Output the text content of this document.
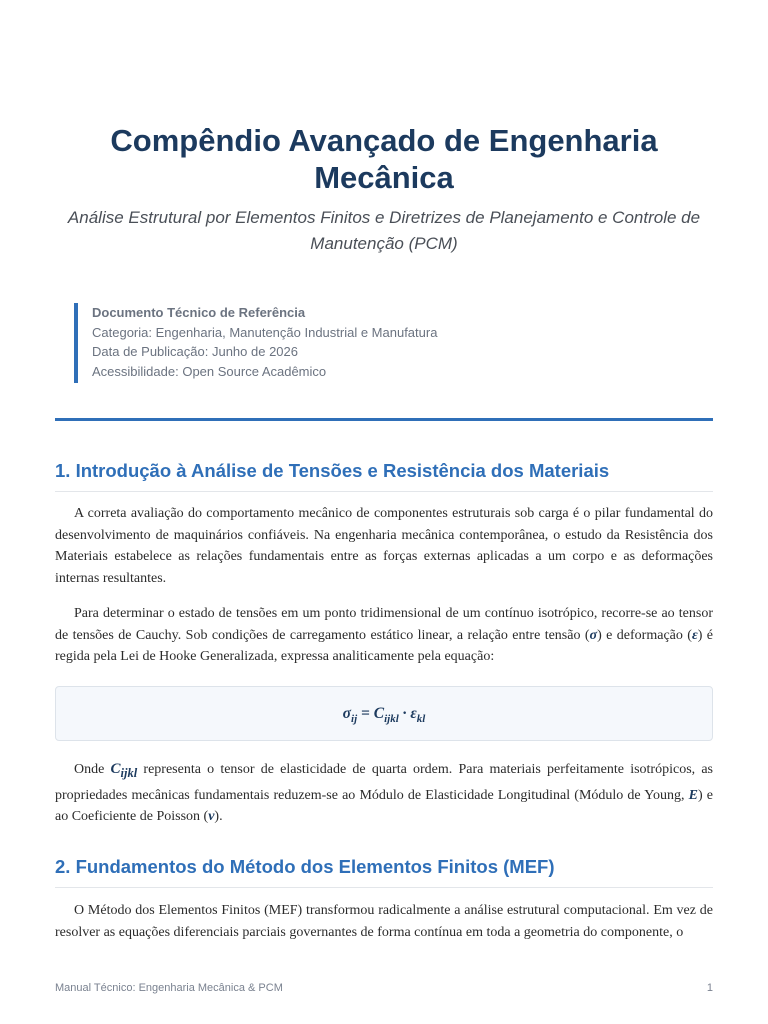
Compêndio Avançado de Engenharia Mecânica

Análise Estrutural por Elementos Finitos e Diretrizes de Planejamento e Controle de Manutenção (PCM)

Documento Técnico de Referência
Categoria: Engenharia, Manutenção Industrial e Manufatura
Data de Publicação: Junho de 2026
Acessibilidade: Open Source Acadêmico
1. Introdução à Análise de Tensões e Resistência dos Materiais

A correta avaliação do comportamento mecânico de componentes estruturais sob carga é o pilar fundamental do desenvolvimento de maquinários confiáveis. Na engenharia mecânica contemporânea, o estudo da Resistência dos Materiais estabelece as relações fundamentais entre as forças externas aplicadas a um corpo e as deformações internas resultantes.

Para determinar o estado de tensões em um ponto tridimensional de um contínuo isotrópico, recorre-se ao tensor de tensões de Cauchy. Sob condições de carregamento estático linear, a relação entre tensão (σ) e deformação (ε) é regida pela Lei de Hooke Generalizada, expressa analiticamente pela equação:

$\sigma_{ij} = C_{ijkl} \cdot \varepsilon_{kl}$

Onde $C_{ijkl}$ representa o tensor de elasticidade de quarta ordem. Para materiais perfeitamente isotrópicos, as propriedades mecânicas fundamentais reduzem-se ao Módulo de Elasticidade Longitudinal (Módulo de Young, E) e ao Coeficiente de Poisson (ν).

2. Fundamentos do Método dos Elementos Finitos (MEF)

O Método dos Elementos Finitos (MEF) transformou radicalmente a análise estrutural computacional. Em vez de resolver as equações diferenciais parciais governantes de forma contínua em toda a geometria do componente, o

Manual Técnico: Engenharia Mecânica & PCM	1
